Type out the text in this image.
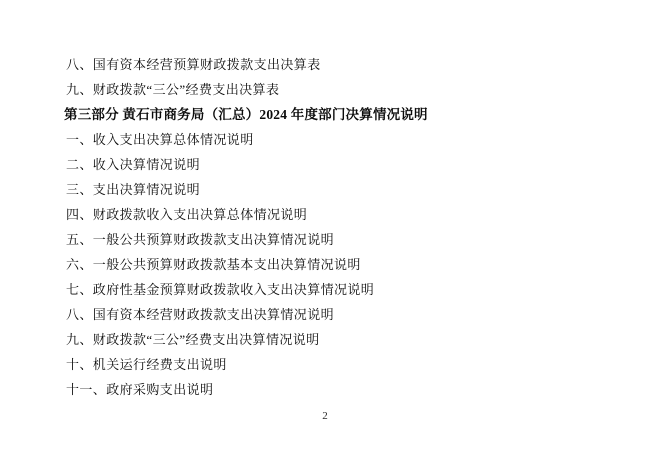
八、国有资本经营预算财政拨款支出决算表
九、财政拨款“三公”经费支出决算表
第三部分 黄石市商务局（汇总）2024 年度部门决算情况说明
一、收入支出决算总体情况说明
二、收入决算情况说明
三、支出决算情况说明
四、财政拨款收入支出决算总体情况说明
五、一般公共预算财政拨款支出决算情况说明
六、一般公共预算财政拨款基本支出决算情况说明
七、政府性基金预算财政拨款收入支出决算情况说明
八、国有资本经营财政拨款支出决算情况说明
九、财政拨款“三公”经费支出决算情况说明
十、机关运行经费支出说明
十一、政府采购支出说明
2
